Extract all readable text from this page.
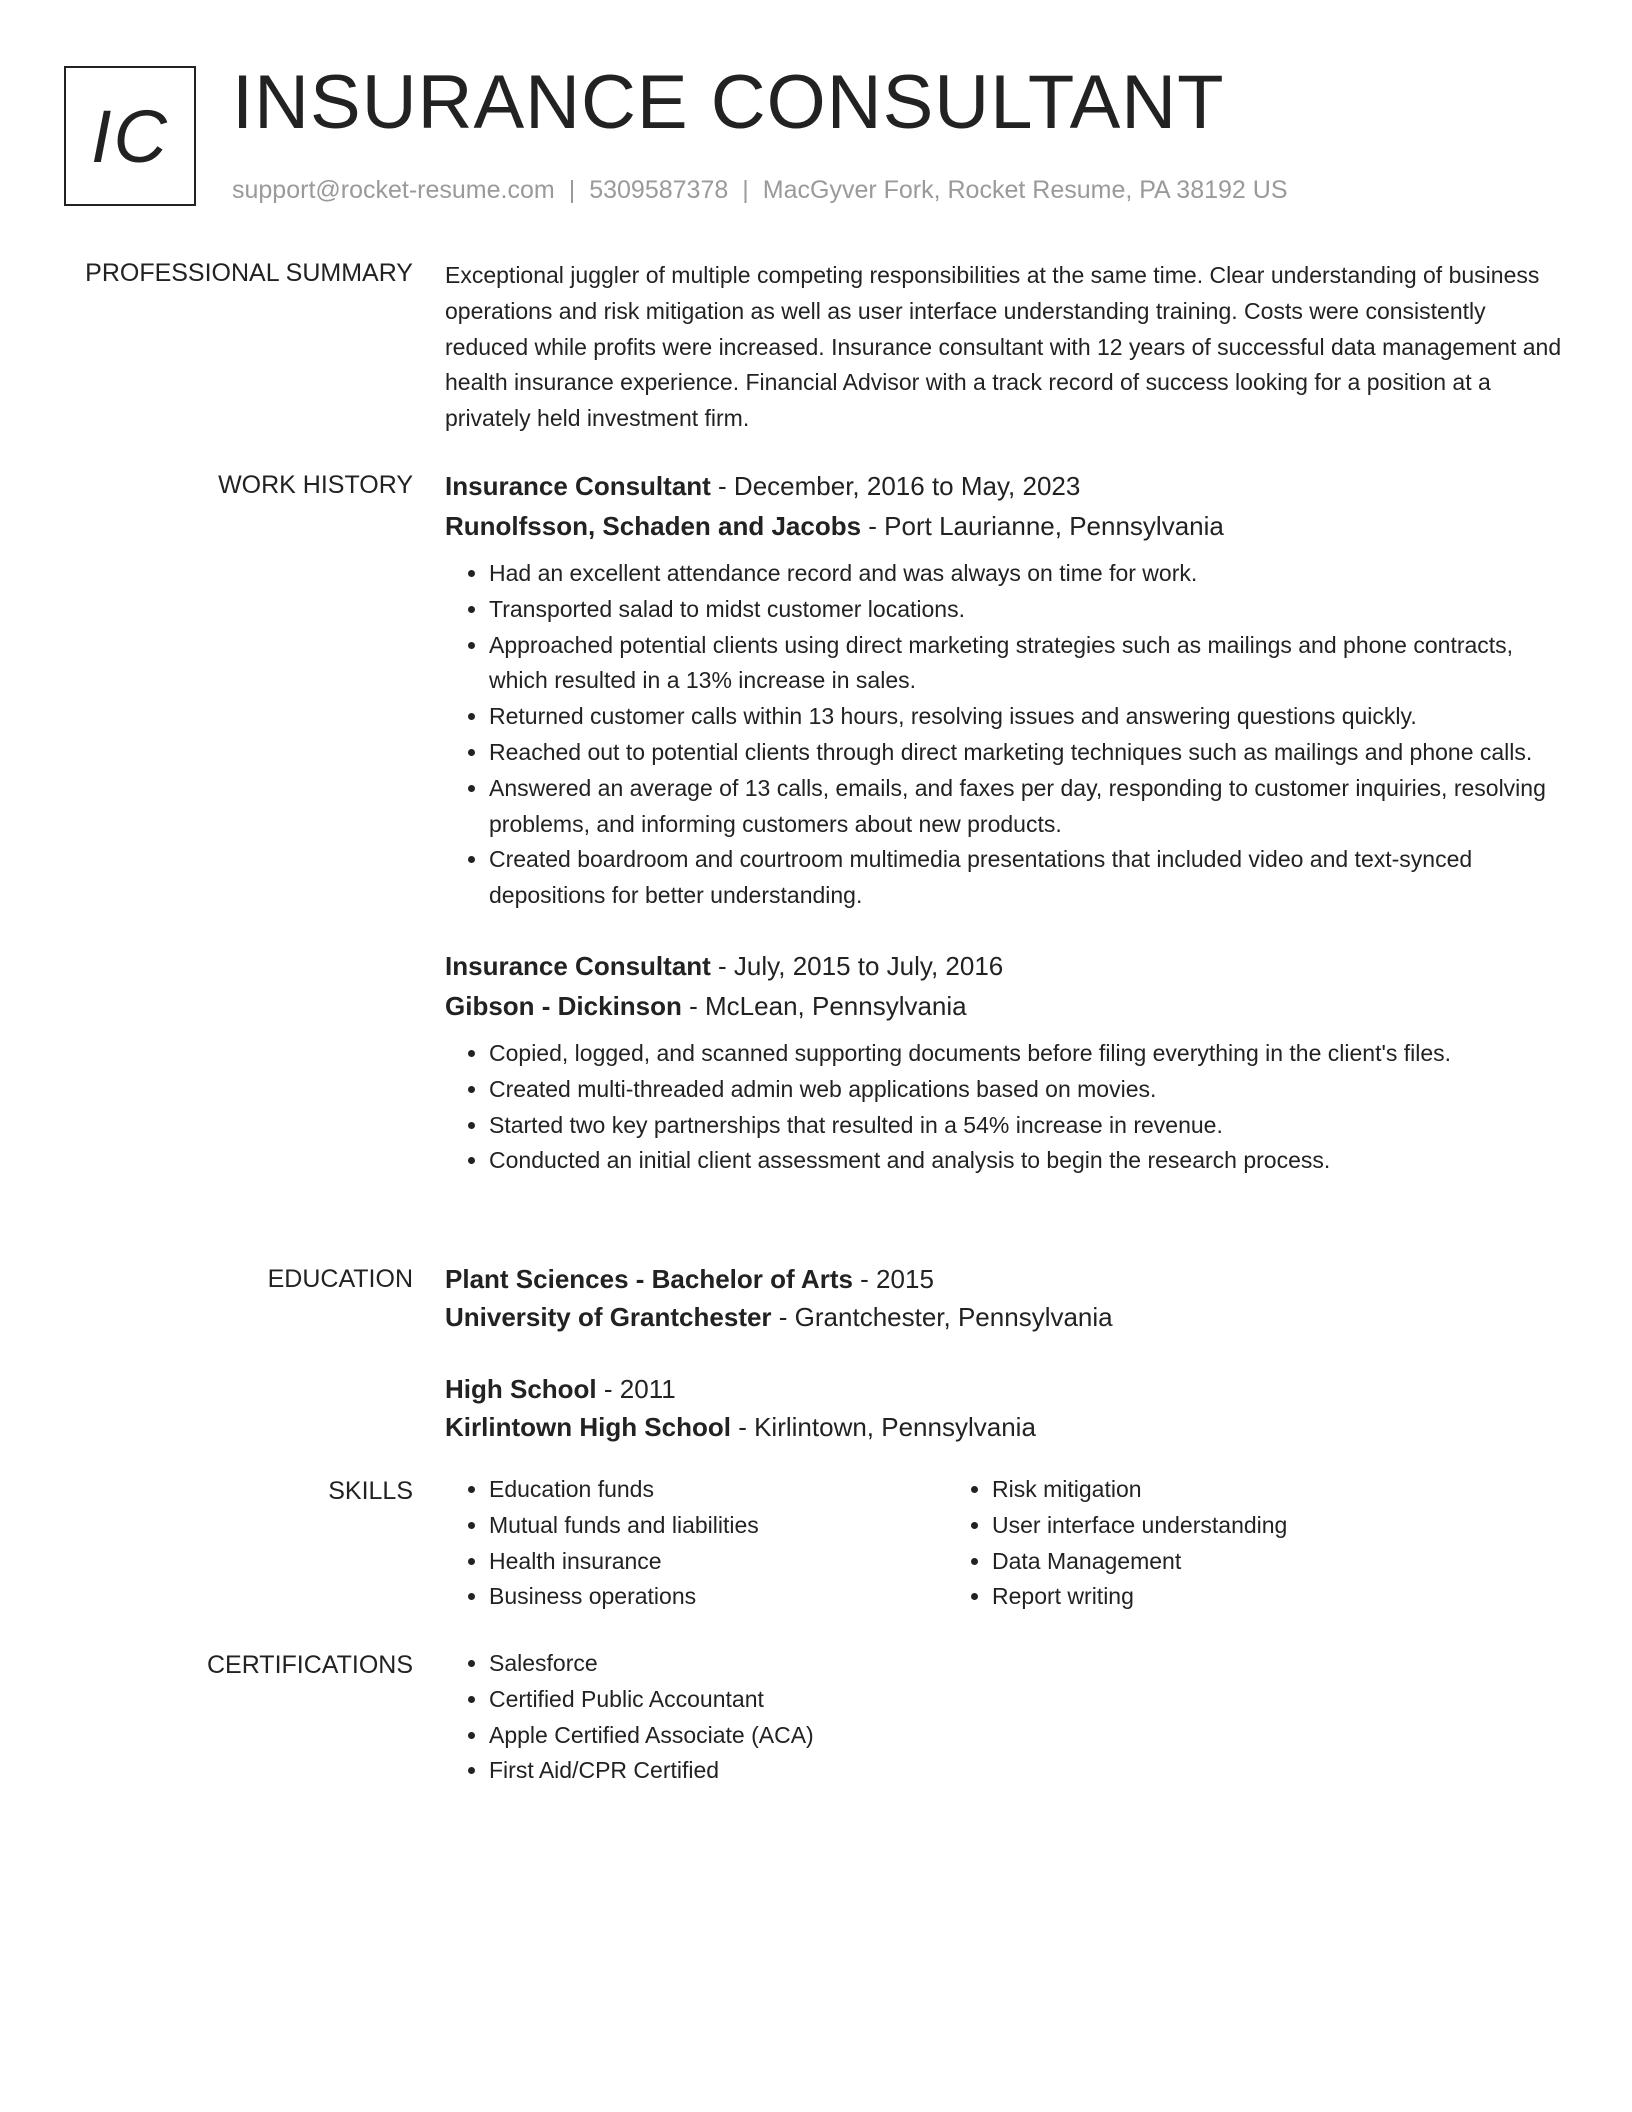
IC INSURANCE CONSULTANT
support@rocket-resume.com | 5309587378 | MacGyver Fork, Rocket Resume, PA 38192 US
PROFESSIONAL SUMMARY Exceptional juggler of multiple competing responsibilities at the same time. Clear understanding of business operations and risk mitigation as well as user interface understanding training. Costs were consistently reduced while profits were increased. Insurance consultant with 12 years of successful data management and health insurance experience. Financial Advisor with a track record of success looking for a position at a privately held investment firm.
WORK HISTORY Insurance Consultant - December, 2016 to May, 2023
Runolfsson, Schaden and Jacobs - Port Laurianne, Pennsylvania
• Had an excellent attendance record and was always on time for work.
• Transported salad to midst customer locations.
• Approached potential clients using direct marketing strategies such as mailings and phone contracts, which resulted in a 13% increase in sales.
• Returned customer calls within 13 hours, resolving issues and answering questions quickly.
• Reached out to potential clients through direct marketing techniques such as mailings and phone calls.
• Answered an average of 13 calls, emails, and faxes per day, responding to customer inquiries, resolving problems, and informing customers about new products.
• Created boardroom and courtroom multimedia presentations that included video and text-synced depositions for better understanding.
Insurance Consultant - July, 2015 to July, 2016
Gibson - Dickinson - McLean, Pennsylvania
• Copied, logged, and scanned supporting documents before filing everything in the client's files.
• Created multi-threaded admin web applications based on movies.
• Started two key partnerships that resulted in a 54% increase in revenue.
• Conducted an initial client assessment and analysis to begin the research process.
EDUCATION Plant Sciences - Bachelor of Arts - 2015
University of Grantchester - Grantchester, Pennsylvania
High School - 2011
Kirlintown High School - Kirlintown, Pennsylvania
SKILLS	• Education funds
• Mutual funds and liabilities
• Health insurance
• Business operations
• Risk mitigation
• User interface understanding
• Data Management
• Report writing
CERTIFICATIONS	• Salesforce
• Certified Public Accountant
• Apple Certified Associate (ACA)
• First Aid/CPR Certified
